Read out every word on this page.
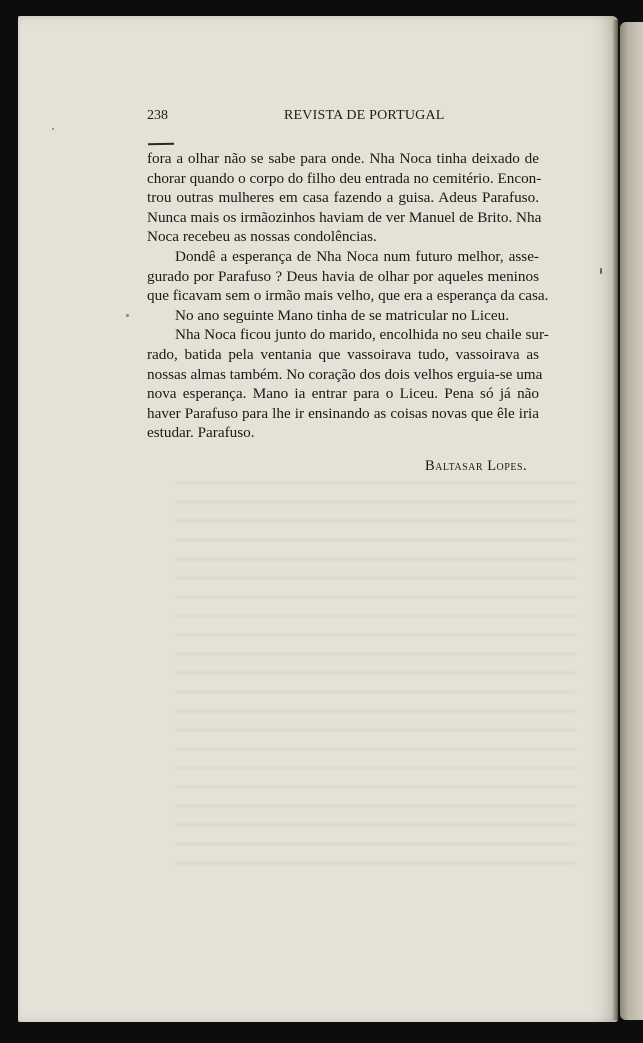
238	REVISTA DE PORTUGAL
fora a olhar não se sabe para onde. Nha Noca tinha deixado de
chorar quando o corpo do filho deu entrada no cemitério. Encon-
trou outras mulheres em casa fazendo a guisa. Adeus Parafuso.
Nunca mais os irmãozinhos haviam de ver Manuel de Brito. Nha
Noca recebeu as nossas condolências.
Dondê a esperança de Nha Noca num futuro melhor, asse-
gurado por Parafuso ? Deus havia de olhar por aqueles meninos
que ficavam sem o irmão mais velho, que era a esperança da casa.
No ano seguinte Mano tinha de se matricular no Liceu.
Nha Noca ficou junto do marido, encolhida no seu chaile sur-
rado, batida pela ventania que vassoirava tudo, vassoirava as
nossas almas também. No coração dos dois velhos erguia-se uma
nova esperança. Mano ia entrar para o Liceu. Pena só já não
haver Parafuso para lhe ir ensinando as coisas novas que êle iria
estudar. Parafuso.
Baltasar Lopes.
